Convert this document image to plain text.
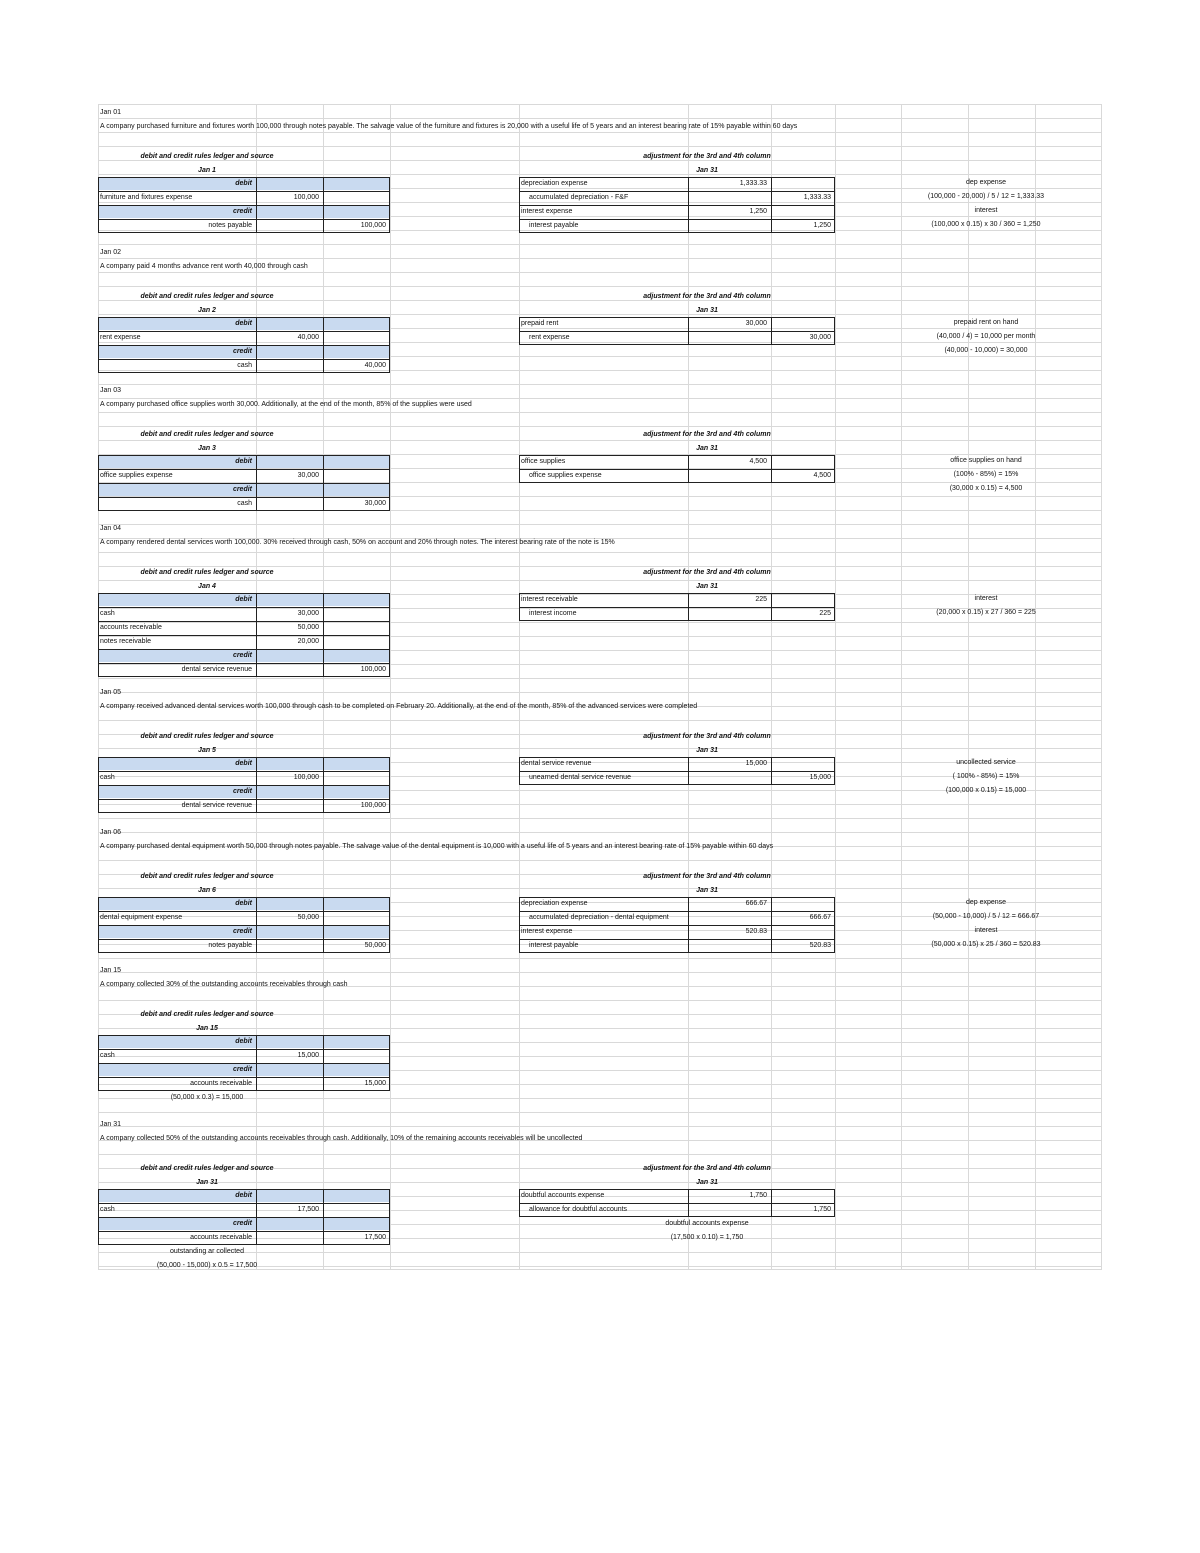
Jan 01
A company purchased furniture and fixtures worth 100,000 through notes payable. The salvage value of the furniture and fixtures is 20,000 with a useful life of 5 years and an interest bearing rate of 15% payable within 60 days
debit and credit rules ledger and source
Jan 1
debit
furniture and fixtures expense	100,000
credit
notes payable	100,000
adjustment for the 3rd and 4th column
Jan 31
depreciation expense	1,333.33
accumulated depreciation - F&F	1,333.33
interest expense	1,250
interest payable	1,250
dep expense
(100,000 - 20,000) / 5 / 12 = 1,333.33
interest
(100,000 x 0.15) x 30 / 360 = 1,250
Jan 02
A company paid 4 months advance rent worth 40,000 through cash
debit and credit rules ledger and source
Jan 2
debit
rent expense	40,000
credit
cash	40,000
adjustment for the 3rd and 4th column
Jan 31
prepaid rent	30,000
rent expense	30,000
prepaid rent on hand
(40,000 / 4) = 10,000 per month
(40,000 - 10,000) = 30,000
Jan 03
A company purchased office supplies worth 30,000. Additionally, at the end of the month, 85% of the supplies were used
debit and credit rules ledger and source
Jan 3
debit
office supplies expense	30,000
credit
cash	30,000
adjustment for the 3rd and 4th column
Jan 31
office supplies	4,500
office supplies expense	4,500
office supplies on hand
(100% - 85%) = 15%
(30,000 x 0.15) = 4,500
Jan 04
A company rendered dental services worth 100,000. 30% received through cash, 50% on account and 20% through notes. The interest bearing rate of the note is 15%
debit and credit rules ledger and source
Jan 4
debit
cash	30,000
accounts receivable	50,000
notes receivable	20,000
credit
dental service revenue	100,000
adjustment for the 3rd and 4th column
Jan 31
interest receivable	225
interest income	225
interest
(20,000 x 0.15) x 27 / 360 = 225
Jan 05
A company received advanced dental services worth 100,000 through cash to be completed on February 20. Additionally, at the end of the month, 85% of the advanced services were completed
debit and credit rules ledger and source
Jan 5
debit
cash	100,000
credit
dental service revenue	100,000
adjustment for the 3rd and 4th column
Jan 31
dental service revenue	15,000
unearned dental service revenue	15,000
uncollected service
( 100% - 85%) = 15%
(100,000 x 0.15) = 15,000
Jan 06
A company purchased dental equipment worth 50,000 through notes payable. The salvage value of the dental equipment is 10,000 with a useful life of 5 years and an interest bearing rate of 15% payable within 60 days
debit and credit rules ledger and source
Jan 6
debit
dental equipment expense	50,000
credit
notes payable	50,000
adjustment for the 3rd and 4th column
Jan 31
depreciation expense	666.67
accumulated depreciation - dental equipment	666.67
interest expense	520.83
interest payable	520.83
dep expense
(50,000 - 10,000) / 5 / 12 = 666.67
interest
(50,000 x 0.15) x 25 / 360 = 520.83
Jan 15
A company collected 30% of the outstanding accounts receivables through cash
debit and credit rules ledger and source
Jan 15
debit
cash	15,000
credit
accounts receivable	15,000
(50,000 x 0.3) = 15,000
Jan 31
A company collected 50% of the outstanding accounts receivables through cash. Additionally, 10% of the remaining accounts receivables will be uncollected
debit and credit rules ledger and source
Jan 31
debit
cash	17,500
credit
accounts receivable	17,500
outstanding ar collected
(50,000 - 15,000) x 0.5 = 17,500
adjustment for the 3rd and 4th column
Jan 31
doubtful accounts expense	1,750
allowance for doubtful accounts	1,750
doubtful accounts expense
(17,500 x 0.10) = 1,750
